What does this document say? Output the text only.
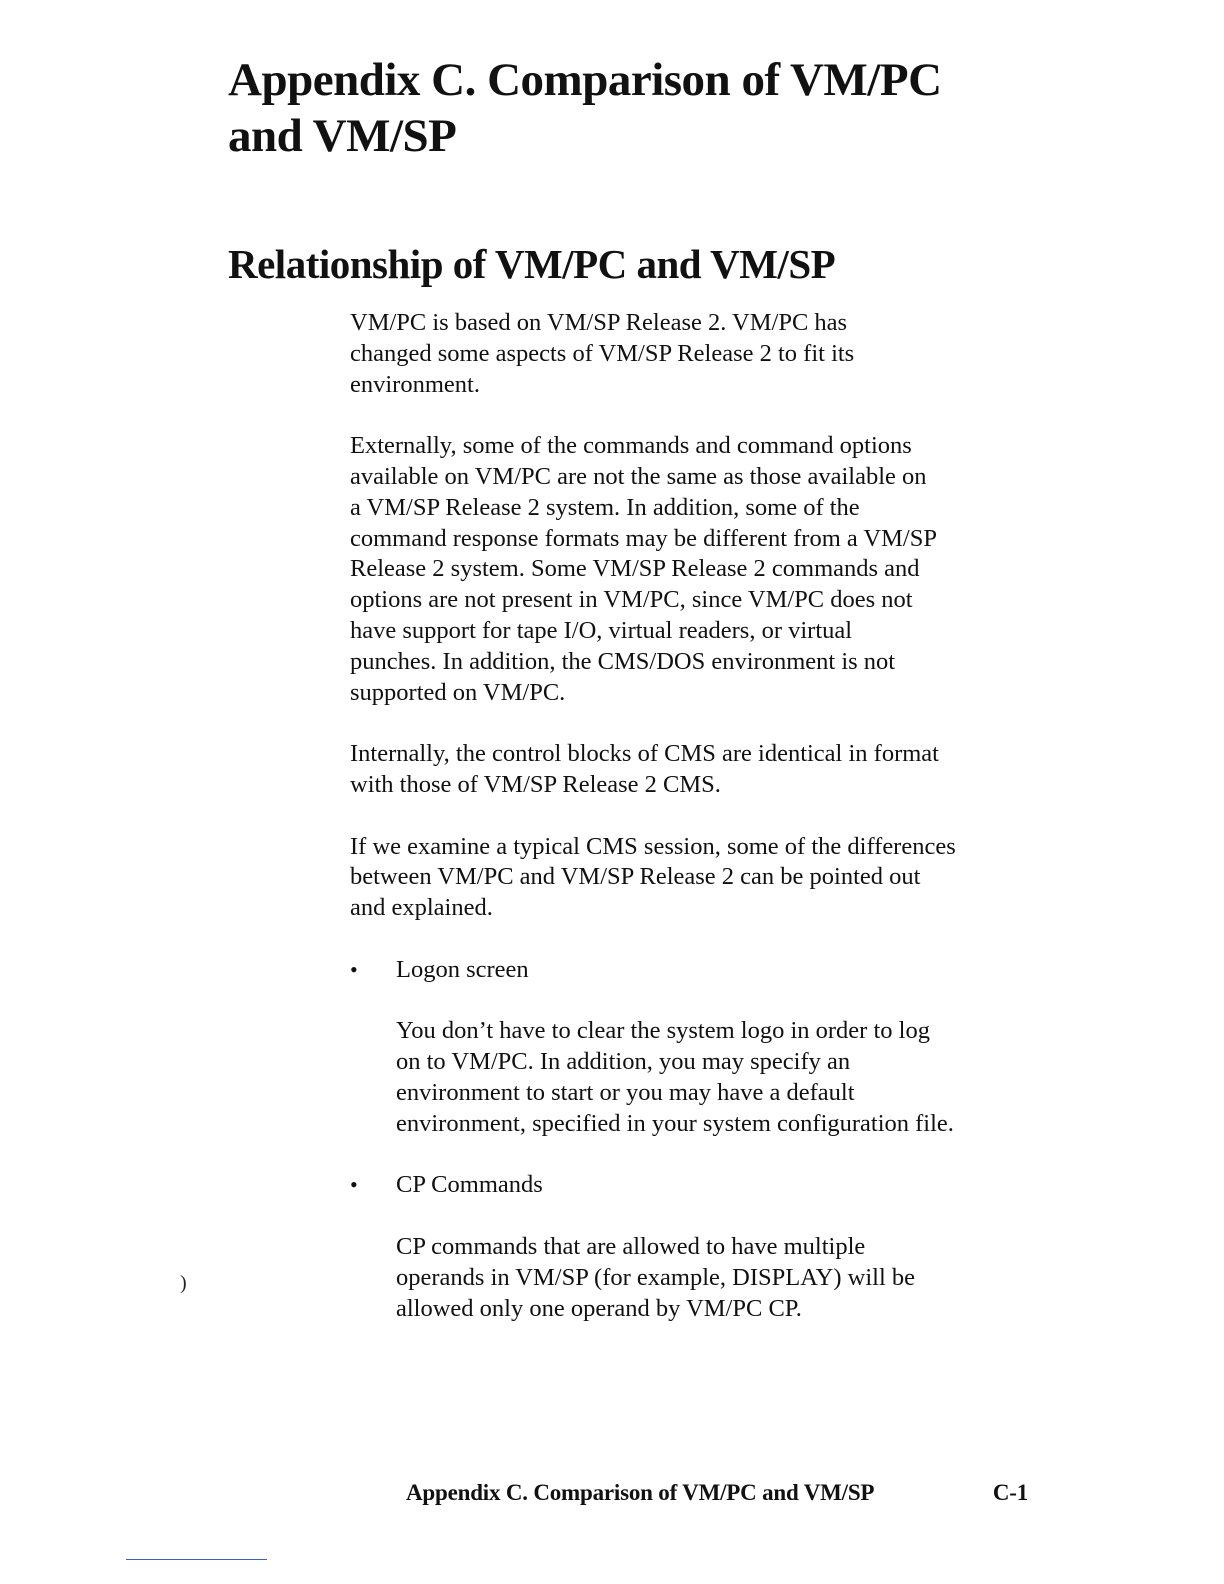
Appendix C. Comparison of VM/PC
and VM/SP
Relationship of VM/PC and VM/SP

VM/PC is based on VM/SP Release 2. VM/PC has
changed some aspects of VM/SP Release 2 to fit its
environment.

Externally, some of the commands and command options
available on VM/PC are not the same as those available on
a VM/SP Release 2 system. In addition, some of the
command response formats may be different from a VM/SP
Release 2 system. Some VM/SP Release 2 commands and
options are not present in VM/PC, since VM/PC does not
have support for tape I/O, virtual readers, or virtual
punches. In addition, the CMS/DOS environment is not
supported on VM/PC.

Internally, the control blocks of CMS are identical in format
with those of VM/SP Release 2 CMS.

If we examine a typical CMS session, some of the differences
between VM/PC and VM/SP Release 2 can be pointed out
and explained.

• Logon screen
You don’t have to clear the system logo in order to log
on to VM/PC. In addition, you may specify an
environment to start or you may have a default
environment, specified in your system configuration file.
• CP Commands
CP commands that are allowed to have multiple
operands in VM/SP (for example, DISPLAY) will be
allowed only one operand by VM/PC CP.
)
Appendix C. Comparison of VM/PC and VM/SP	C-1
